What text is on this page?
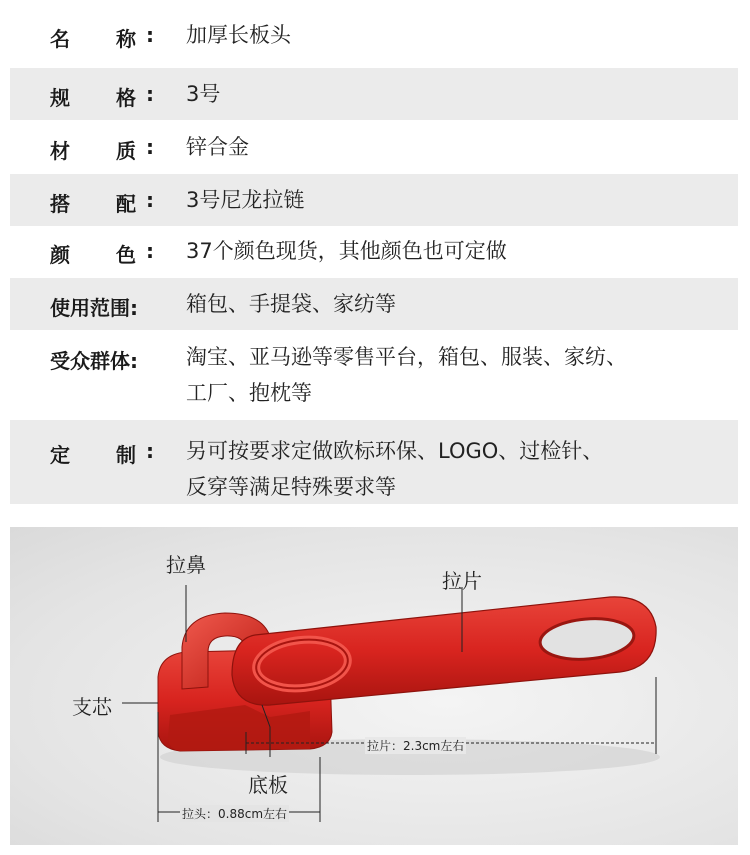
名 称 : 加厚长板头
规 格 : 3号
材 质 : 锌合金
搭 配 : 3号尼龙拉链
颜 色 : 37个颜色现货，其他颜色也可定做
使用范围: 箱包、手提袋、家纺等
受众群体: 淘宝、亚马逊等零售平台，箱包、服装、家纺、
工厂、抱枕等
定 制 : 另可按要求定做欧标环保、LOGO、过检针、
反穿等满足特殊要求等
拉鼻
拉片
支芯
底板
拉片：2.3cm左右
拉头：0.88cm左右
